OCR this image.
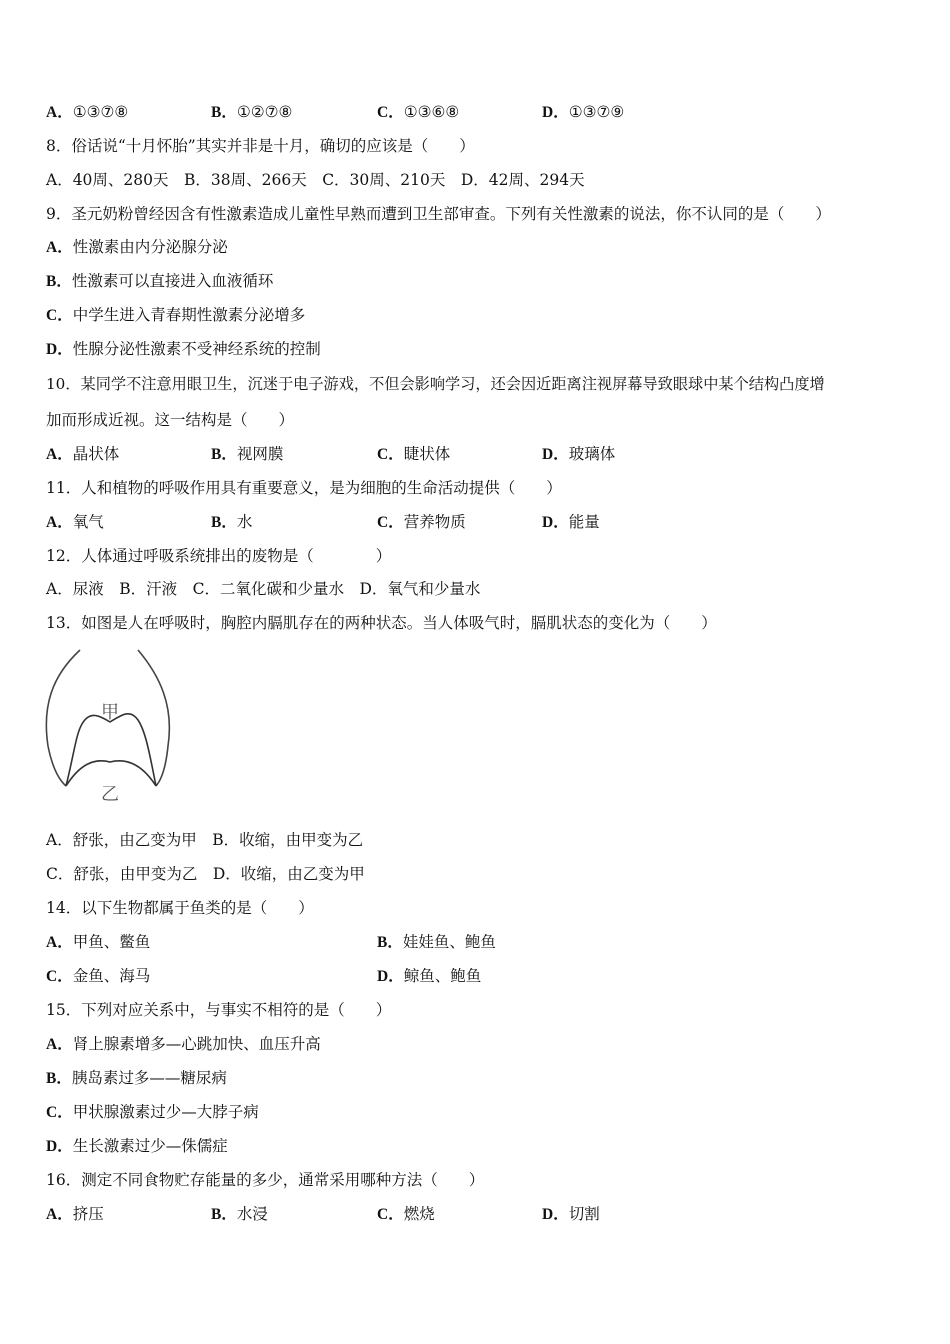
A．①③⑦⑧	B．①②⑦⑧	C．①③⑥⑧	D．①③⑦⑨
8．俗话说“十月怀胎”其实并非是十月，确切的应该是（　　）
A．40周、280天　B．38周、266天　C．30周、210天　D．42周、294天
9．圣元奶粉曾经因含有性激素造成儿童性早熟而遭到卫生部审查。下列有关性激素的说法，你不认同的是（　　）
A．性激素由内分泌腺分泌
B．性激素可以直接进入血液循环
C．中学生进入青春期性激素分泌增多
D．性腺分泌性激素不受神经系统的控制
10．某同学不注意用眼卫生，沉迷于电子游戏，不但会影响学习，还会因近距离注视屏幕导致眼球中某个结构凸度增
加而形成近视。这一结构是（　　）
A．晶状体	B．视网膜	C．睫状体	D．玻璃体
11．人和植物的呼吸作用具有重要意义，是为细胞的生命活动提供（　　）
A．氧气	B．水	C．营养物质	D．能量
12．人体通过呼吸系统排出的废物是（　　　　）
A．尿液　B．汗液　C．二氧化碳和少量水　D．氧气和少量水
13．如图是人在呼吸时，胸腔内膈肌存在的两种状态。当人体吸气时，膈肌状态的变化为（　　）
甲
乙
A．舒张，由乙变为甲　B．收缩，由甲变为乙
C．舒张，由甲变为乙　D．收缩，由乙变为甲
14．以下生物都属于鱼类的是（　　）
A．甲鱼、鳖鱼	B．娃娃鱼、鲍鱼
C．金鱼、海马	D．鲸鱼、鲍鱼
15．下列对应关系中，与事实不相符的是（　　）
A．肾上腺素增多—心跳加快、血压升高
B．胰岛素过多——糖尿病
C．甲状腺激素过少—大脖子病
D．生长激素过少—侏儒症
16．测定不同食物贮存能量的多少，通常采用哪种方法（　　）
A．挤压	B．水浸	C．燃烧	D．切割
